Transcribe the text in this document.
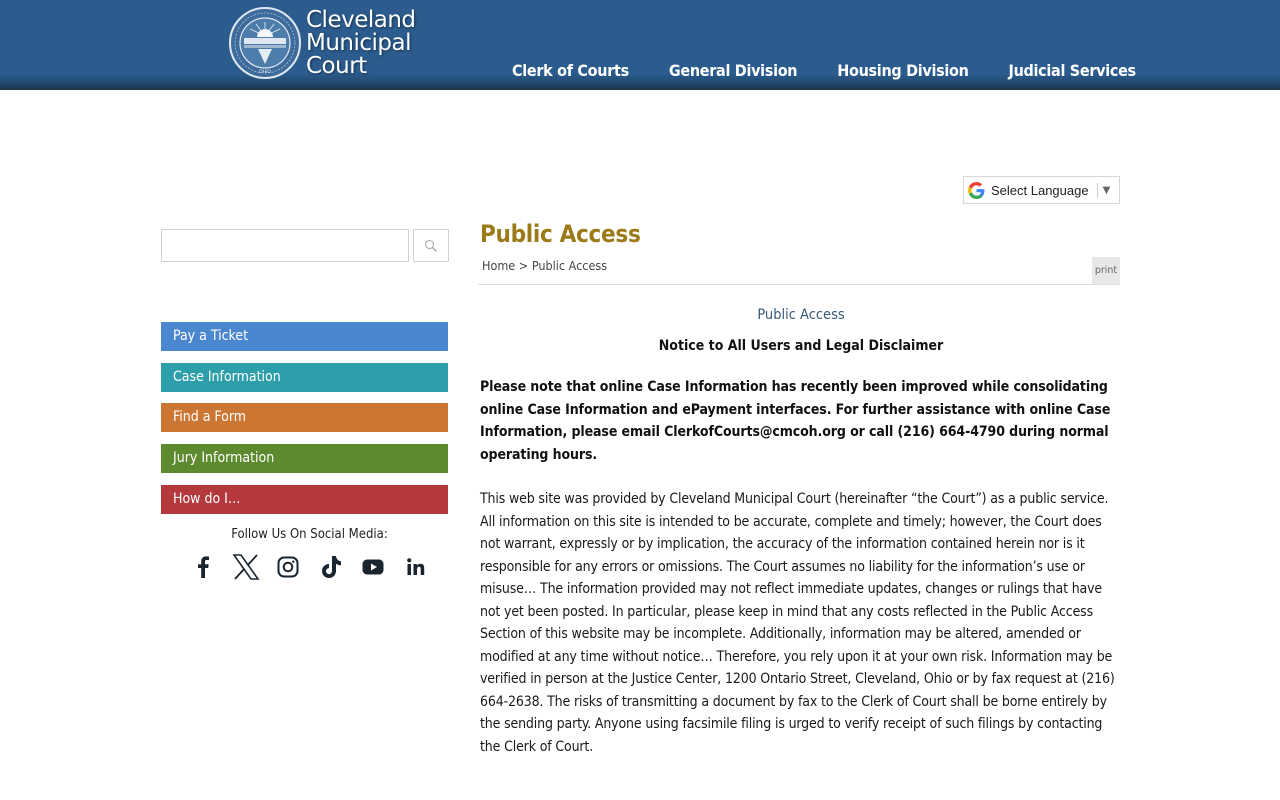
OHIO
Cleveland
Municipal
Court	Clerk of Courts	General Division	Housing Division	Judicial Services
Select Language ▼
Pay a Ticket
Case Information
Find a Form
Jury Information
How do I…
Follow Us On Social Media:
Public Access
Home > Public Access	print
Public Access
Notice to All Users and Legal Disclaimer

Please note that online Case Information has recently been improved while consolidating online Case Information and ePayment interfaces. For further assistance with online Case Information, please email ClerkofCourts@cmcoh.org or call (216) 664-4790 during normal operating hours.

This web site was provided by Cleveland Municipal Court (hereinafter “the Court”) as a public service. All information on this site is intended to be accurate, complete and timely; however, the Court does not warrant, expressly or by implication, the accuracy of the information contained herein nor is it responsible for any errors or omissions. The Court assumes no liability for the information’s use or misuse… The information provided may not reflect immediate updates, changes or rulings that have not yet been posted. In particular, please keep in mind that any costs reflected in the Public Access Section of this website may be incomplete. Additionally, information may be altered, amended or modified at any time without notice… Therefore, you rely upon it at your own risk. Information may be verified in person at the Justice Center, 1200 Ontario Street, Cleveland, Ohio or by fax request at (216) 664-2638. The risks of transmitting a document by fax to the Clerk of Court shall be borne entirely by the sending party. Anyone using facsimile filing is urged to verify receipt of such filings by contacting the Clerk of Court.
